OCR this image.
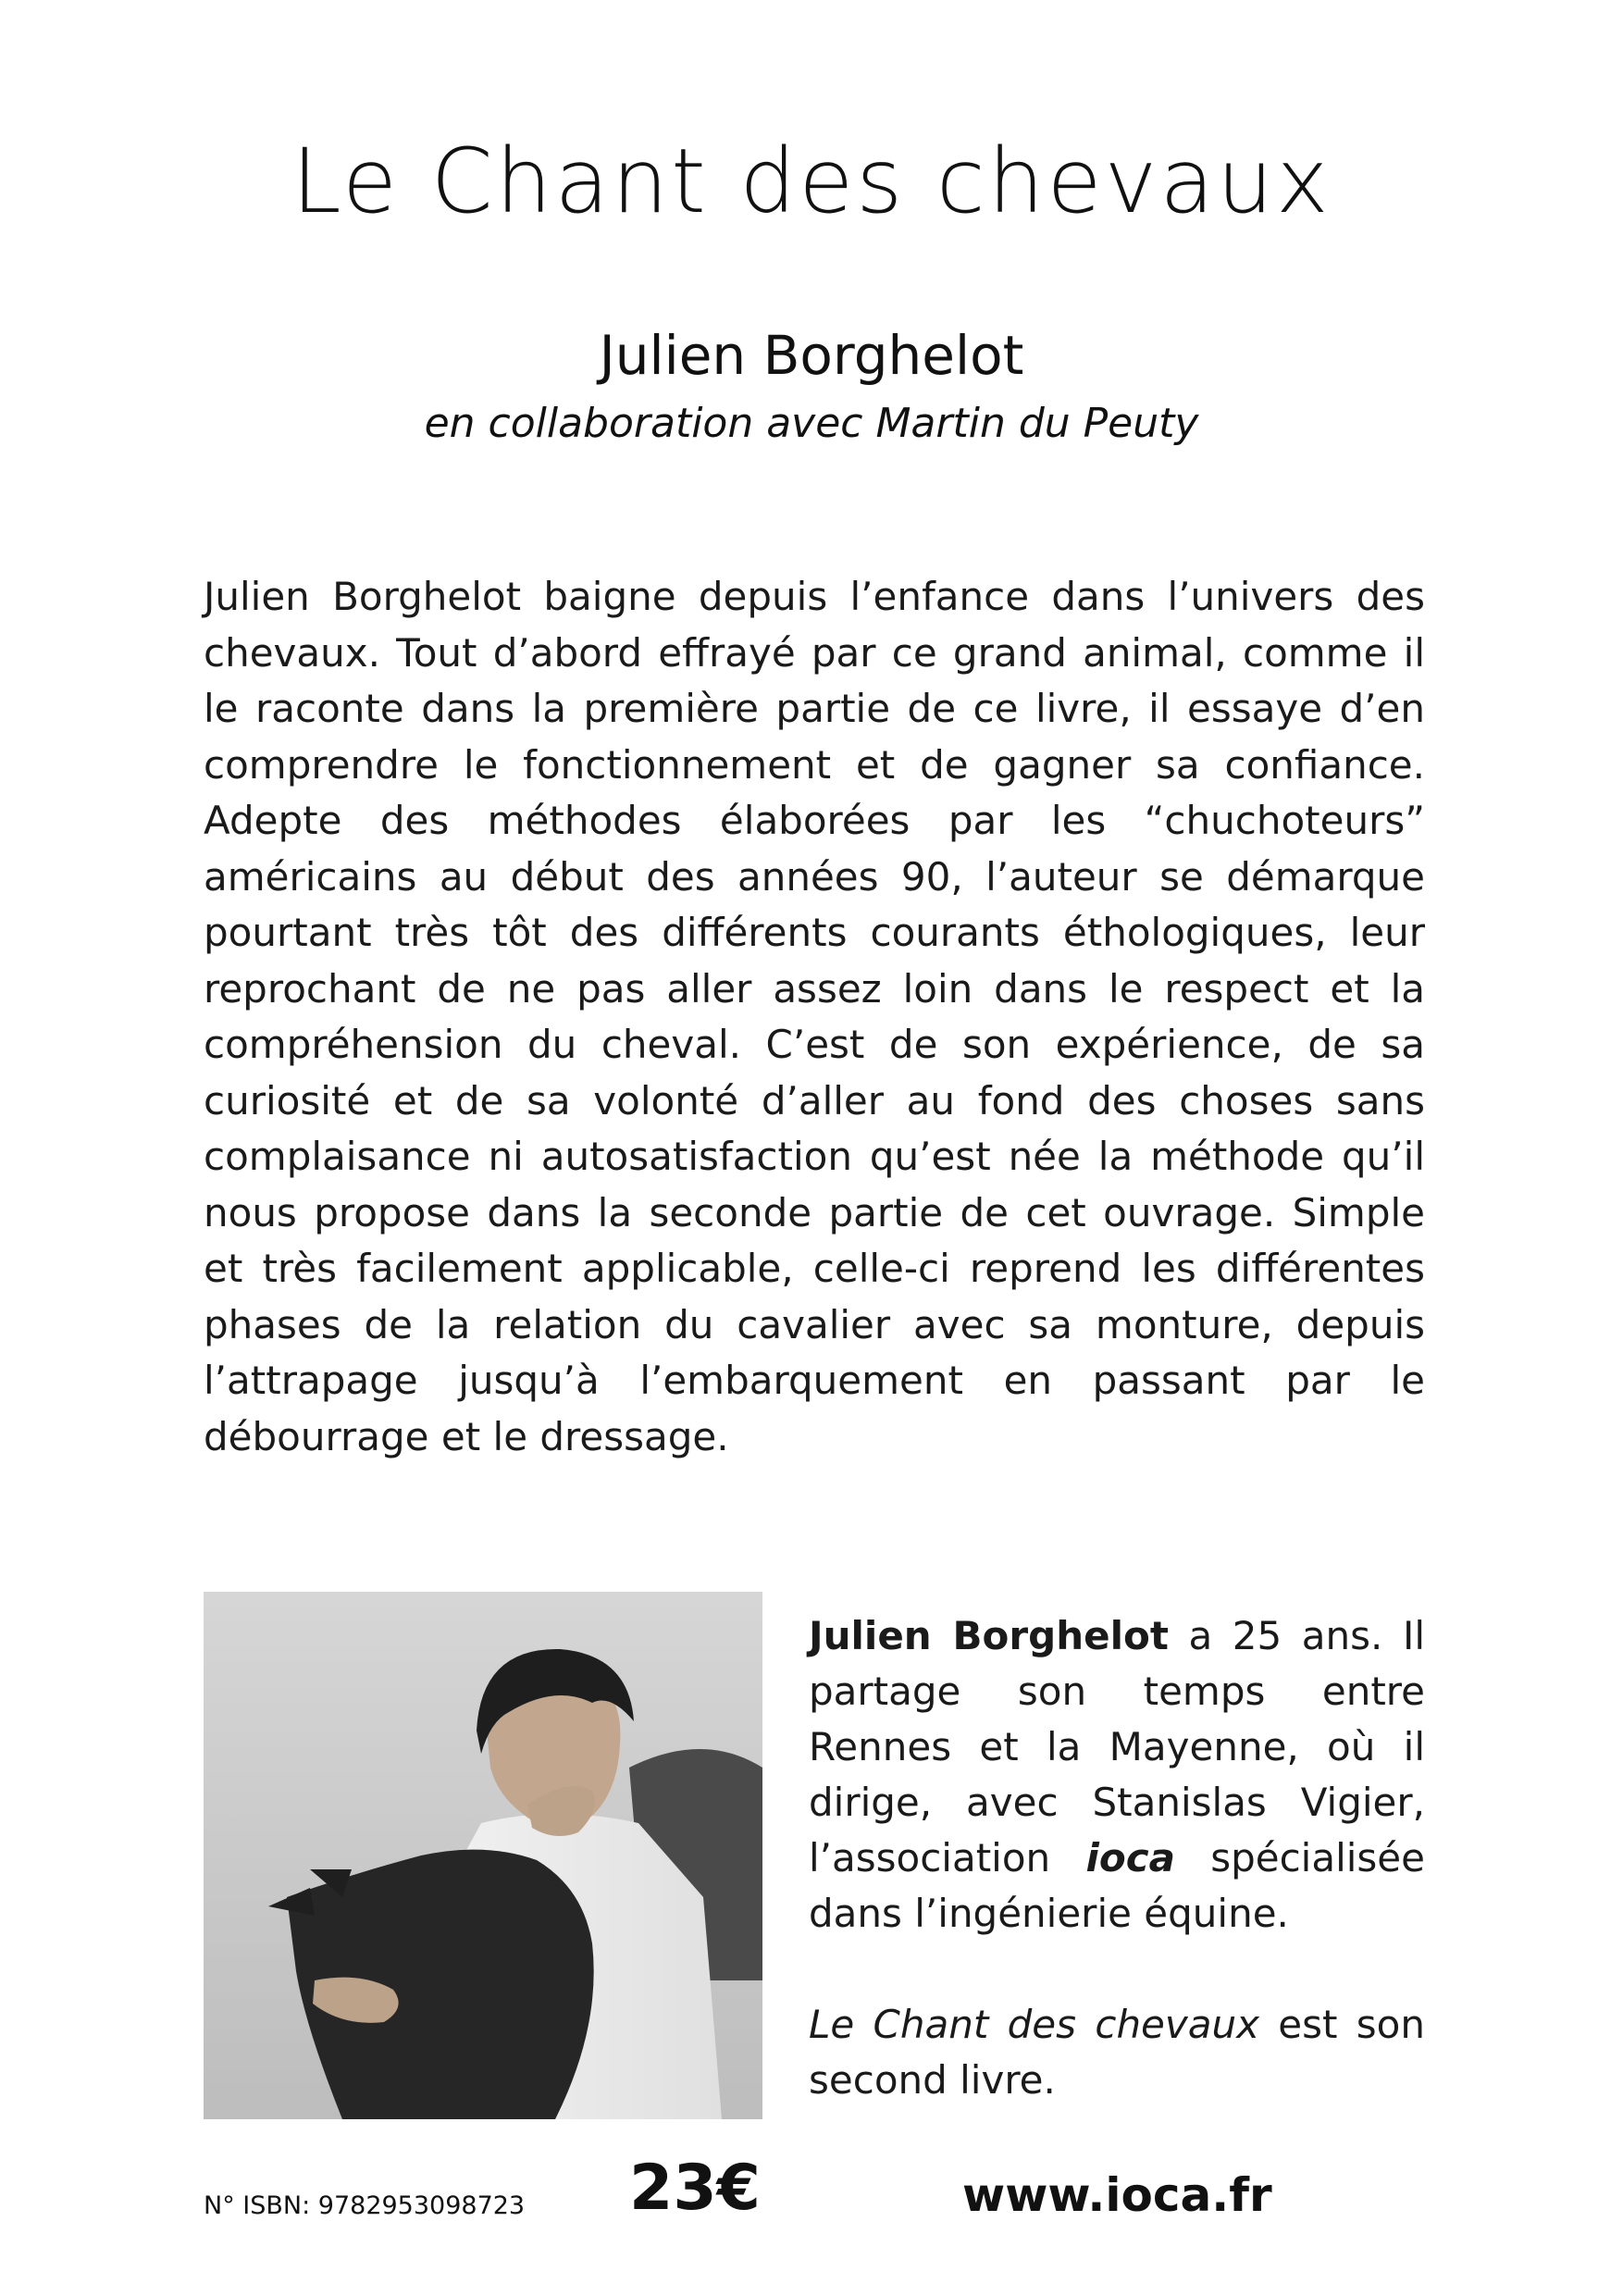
Le Chant des chevaux

Julien Borghelot

en collaboration avec Martin du Peuty

Julien Borghelot baigne depuis l’enfance dans l’univers des chevaux. Tout d’abord effrayé par ce grand animal, comme il le raconte dans la première partie de ce livre, il essaye d’en comprendre le fonctionnement et de gagner sa confiance. Adepte des méthodes élaborées par les “chuchoteurs” américains au début des années 90, l’auteur se démarque pourtant très tôt des différents courants éthologiques, leur reprochant de ne pas aller assez loin dans le respect et la compréhension du cheval. C’est de son expérience, de sa curiosité et de sa volonté d’aller au fond des choses sans complaisance ni autosatisfaction qu’est née la méthode qu’il nous propose dans la seconde partie de cet ouvrage. Simple et très facilement applicable, celle-ci reprend les différentes phases de la relation du cavalier avec sa monture, depuis l’attrapage jusqu’à l’embarquement en passant par le débourrage et le dressage.

Julien Borghelot a 25 ans. Il partage son temps entre Rennes et la Mayenne, où il dirige, avec Stanislas Vigier, l’association ioca spécialisée dans l’ingénierie équine.
Le Chant des chevaux est son second livre.

N° ISBN: 9782953098723 23€	www.ioca.fr
